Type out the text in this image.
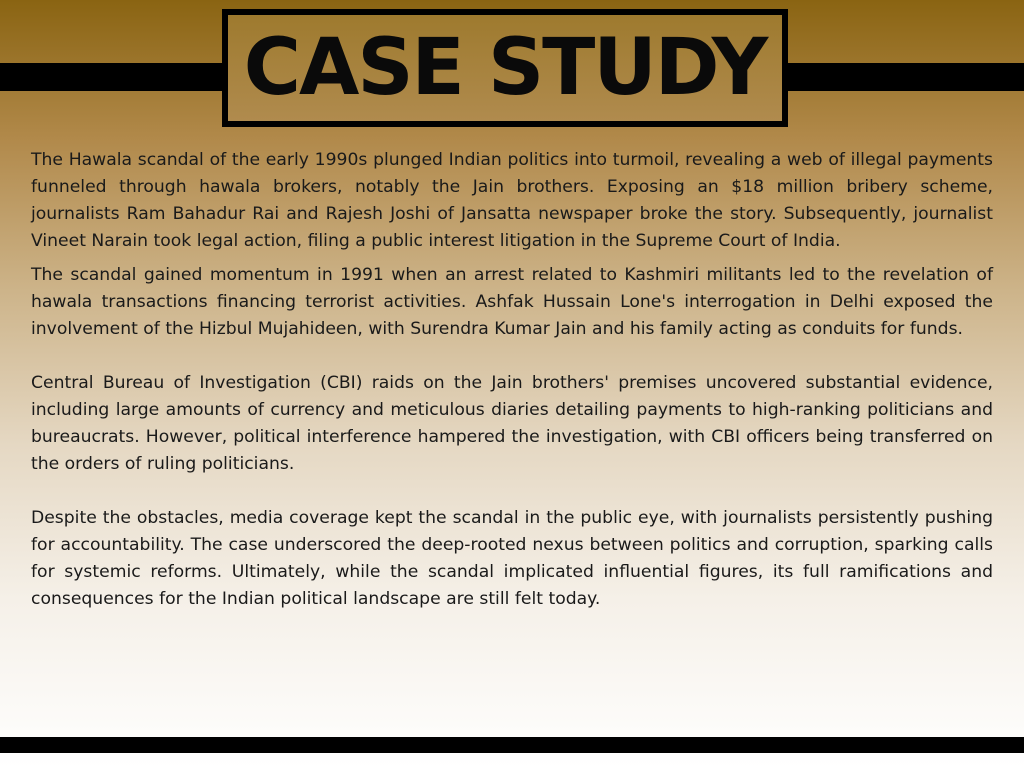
CASE STUDY

The Hawala scandal of the early 1990s plunged Indian politics into turmoil, revealing a web of illegal payments funneled through hawala brokers, notably the Jain brothers. Exposing an $18 million bribery scheme, journalists Ram Bahadur Rai and Rajesh Joshi of Jansatta newspaper broke the story. Subsequently, journalist Vineet Narain took legal action, filing a public interest litigation in the Supreme Court of India.

The scandal gained momentum in 1991 when an arrest related to Kashmiri militants led to the revelation of hawala transactions financing terrorist activities. Ashfak Hussain Lone's interrogation in Delhi exposed the involvement of the Hizbul Mujahideen, with Surendra Kumar Jain and his family acting as conduits for funds.

Central Bureau of Investigation (CBI) raids on the Jain brothers' premises uncovered substantial evidence, including large amounts of currency and meticulous diaries detailing payments to high-ranking politicians and bureaucrats. However, political interference hampered the investigation, with CBI officers being transferred on the orders of ruling politicians.

Despite the obstacles, media coverage kept the scandal in the public eye, with journalists persistently pushing for accountability. The case underscored the deep-rooted nexus between politics and corruption, sparking calls for systemic reforms. Ultimately, while the scandal implicated influential figures, its full ramifications and consequences for the Indian political landscape are still felt today.
